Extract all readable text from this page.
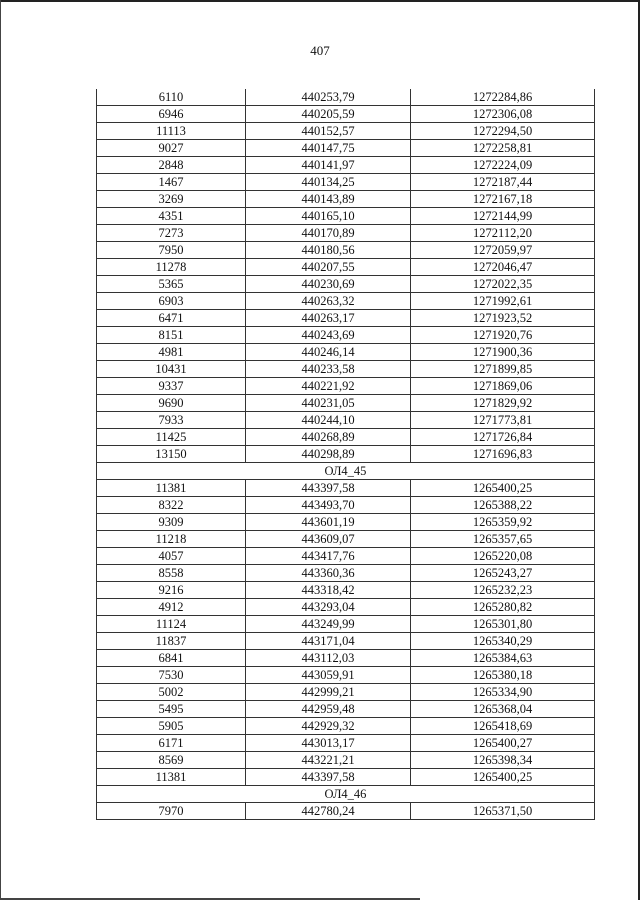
407
6110	440253,79	1272284,86
6946	440205,59	1272306,08
11113	440152,57	1272294,50
9027	440147,75	1272258,81
2848	440141,97	1272224,09
1467	440134,25	1272187,44
3269	440143,89	1272167,18
4351	440165,10	1272144,99
7273	440170,89	1272112,20
7950	440180,56	1272059,97
11278	440207,55	1272046,47
5365	440230,69	1272022,35
6903	440263,32	1271992,61
6471	440263,17	1271923,52
8151	440243,69	1271920,76
4981	440246,14	1271900,36
10431	440233,58	1271899,85
9337	440221,92	1271869,06
9690	440231,05	1271829,92
7933	440244,10	1271773,81
11425	440268,89	1271726,84
13150	440298,89	1271696,83
ОЛ4_45		
11381	443397,58	1265400,25
8322	443493,70	1265388,22
9309	443601,19	1265359,92
11218	443609,07	1265357,65
4057	443417,76	1265220,08
8558	443360,36	1265243,27
9216	443318,42	1265232,23
4912	443293,04	1265280,82
11124	443249,99	1265301,80
11837	443171,04	1265340,29
6841	443112,03	1265384,63
7530	443059,91	1265380,18
5002	442999,21	1265334,90
5495	442959,48	1265368,04
5905	442929,32	1265418,69
6171	443013,17	1265400,27
8569	443221,21	1265398,34
11381	443397,58	1265400,25
ОЛ4_46		
7970	442780,24	1265371,50
